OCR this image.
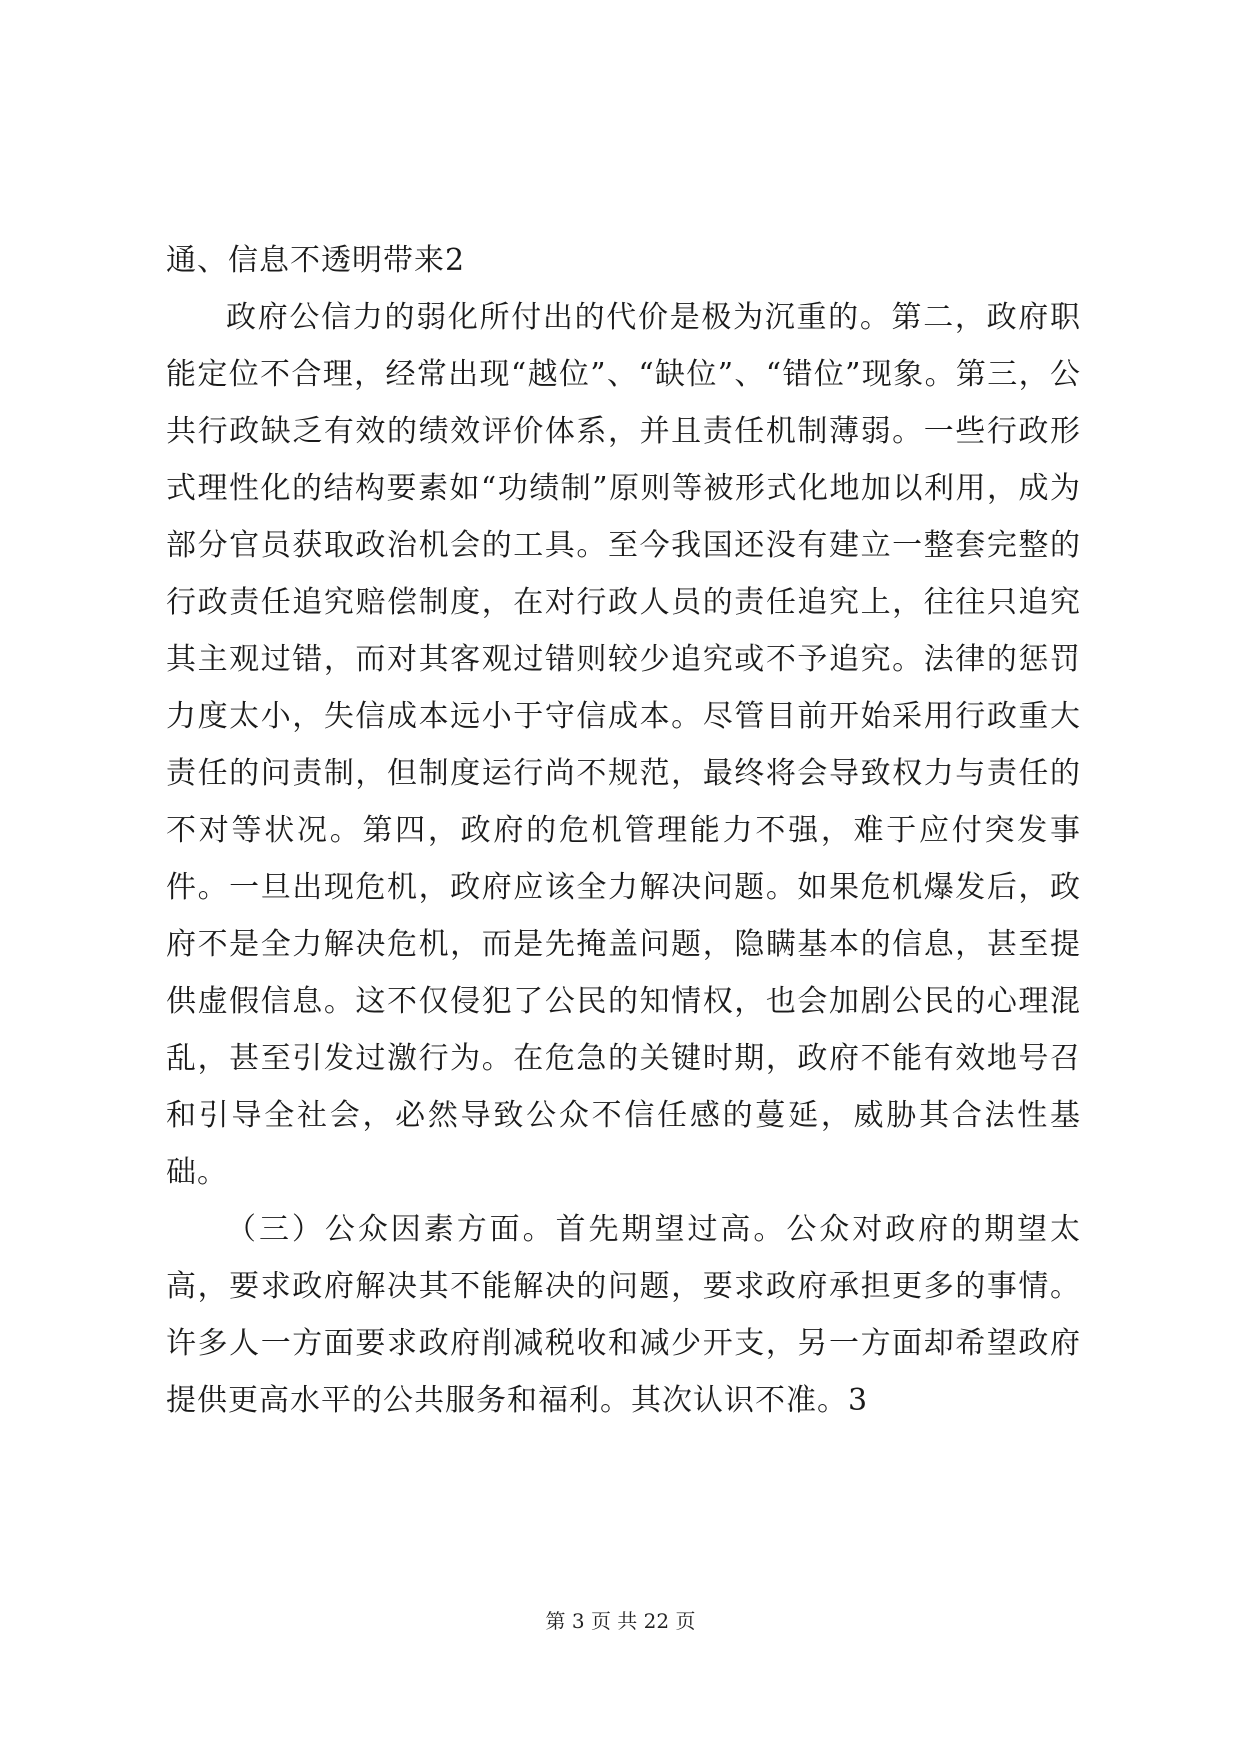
通、信息不透明带来2

政府公信力的弱化所付出的代价是极为沉重的。第二，政府职能定位不合理，经常出现“越位”、“缺位”、“错位”现象。第三，公共行政缺乏有效的绩效评价体系，并且责任机制薄弱。一些行政形式理性化的结构要素如“功绩制”原则等被形式化地加以利用，成为部分官员获取政治机会的工具。至今我国还没有建立一整套完整的行政责任追究赔偿制度，在对行政人员的责任追究上，往往只追究其主观过错，而对其客观过错则较少追究或不予追究。法律的惩罚力度太小，失信成本远小于守信成本。尽管目前开始采用行政重大责任的问责制，但制度运行尚不规范，最终将会导致权力与责任的不对等状况。第四，政府的危机管理能力不强，难于应付突发事件。一旦出现危机，政府应该全力解决问题。如果危机爆发后，政府不是全力解决危机，而是先掩盖问题，隐瞒基本的信息，甚至提供虚假信息。这不仅侵犯了公民的知情权，也会加剧公民的心理混乱，甚至引发过激行为。在危急的关键时期，政府不能有效地号召和引导全社会，必然导致公众不信任感的蔓延，威胁其合法性基础。

（三）公众因素方面。首先期望过高。公众对政府的期望太高，要求政府解决其不能解决的问题，要求政府承担更多的事情。许多人一方面要求政府削减税收和减少开支，另一方面却希望政府提供更高水平的公共服务和福利。其次认识不准。3

第 3 页 共 22 页
